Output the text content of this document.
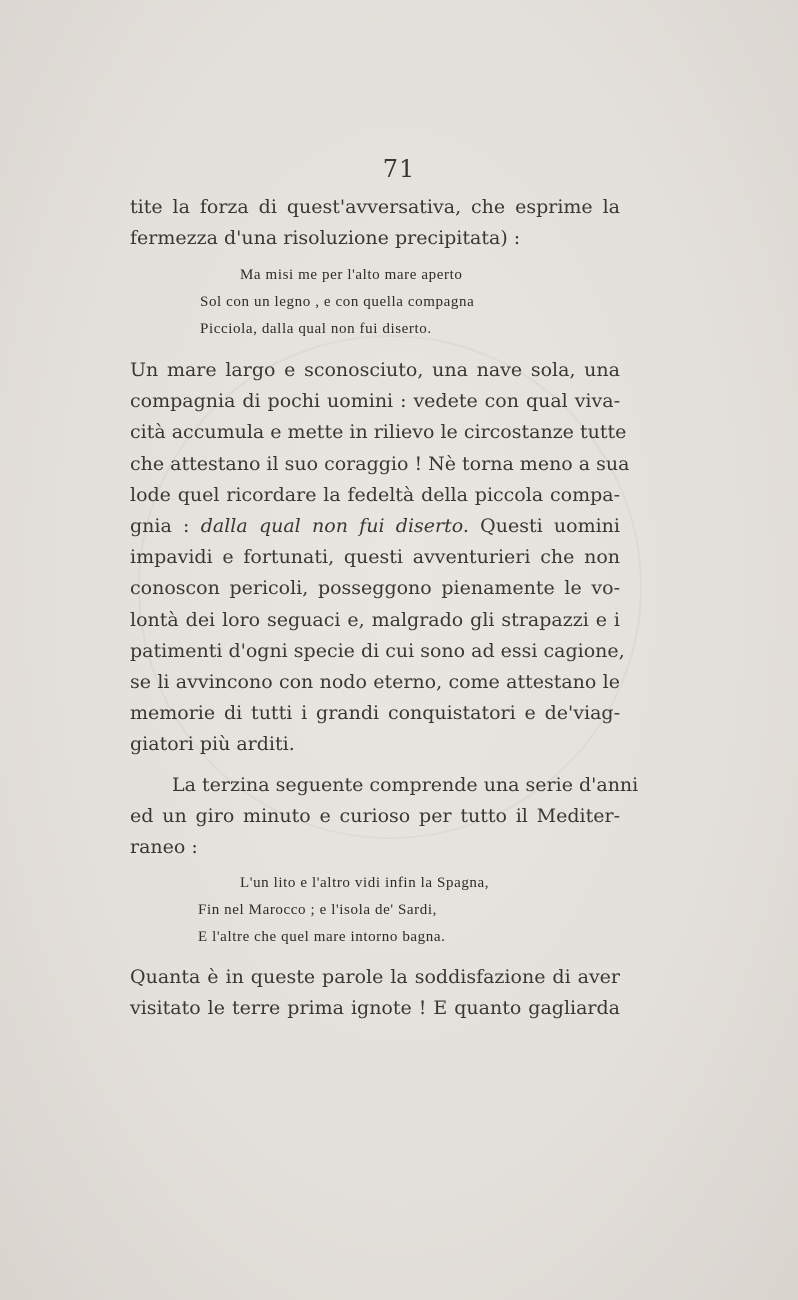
71
tite la forza di quest'avversativa, che esprime la
fermezza d'una risoluzione precipitata) :
Ma misi me per l'alto mare aperto
Sol con un legno , e con quella compagna
Picciola, dalla qual non fui diserto.
Un mare largo e sconosciuto, una nave sola, una
compagnia di pochi uomini : vedete con qual viva-
cità accumula e mette in rilievo le circostanze tutte
che attestano il suo coraggio ! Nè torna meno a sua
lode quel ricordare la fedeltà della piccola compa-
gnia : dalla qual non fui diserto. Questi uomini
impavidi e fortunati, questi avventurieri che non
conoscon pericoli, posseggono pienamente le vo-
lontà dei loro seguaci e, malgrado gli strapazzi e i
patimenti d'ogni specie di cui sono ad essi cagione,
se li avvincono con nodo eterno, come attestano le
memorie di tutti i grandi conquistatori e de'viag-
giatori più arditi.
La terzina seguente comprende una serie d'anni
ed un giro minuto e curioso per tutto il Mediter-
raneo :
L'un lito e l'altro vidi infin la Spagna,
Fin nel Marocco ; e l'isola de' Sardi,
E l'altre che quel mare intorno bagna.
Quanta è in queste parole la soddisfazione di aver
visitato le terre prima ignote ! E quanto gagliarda
